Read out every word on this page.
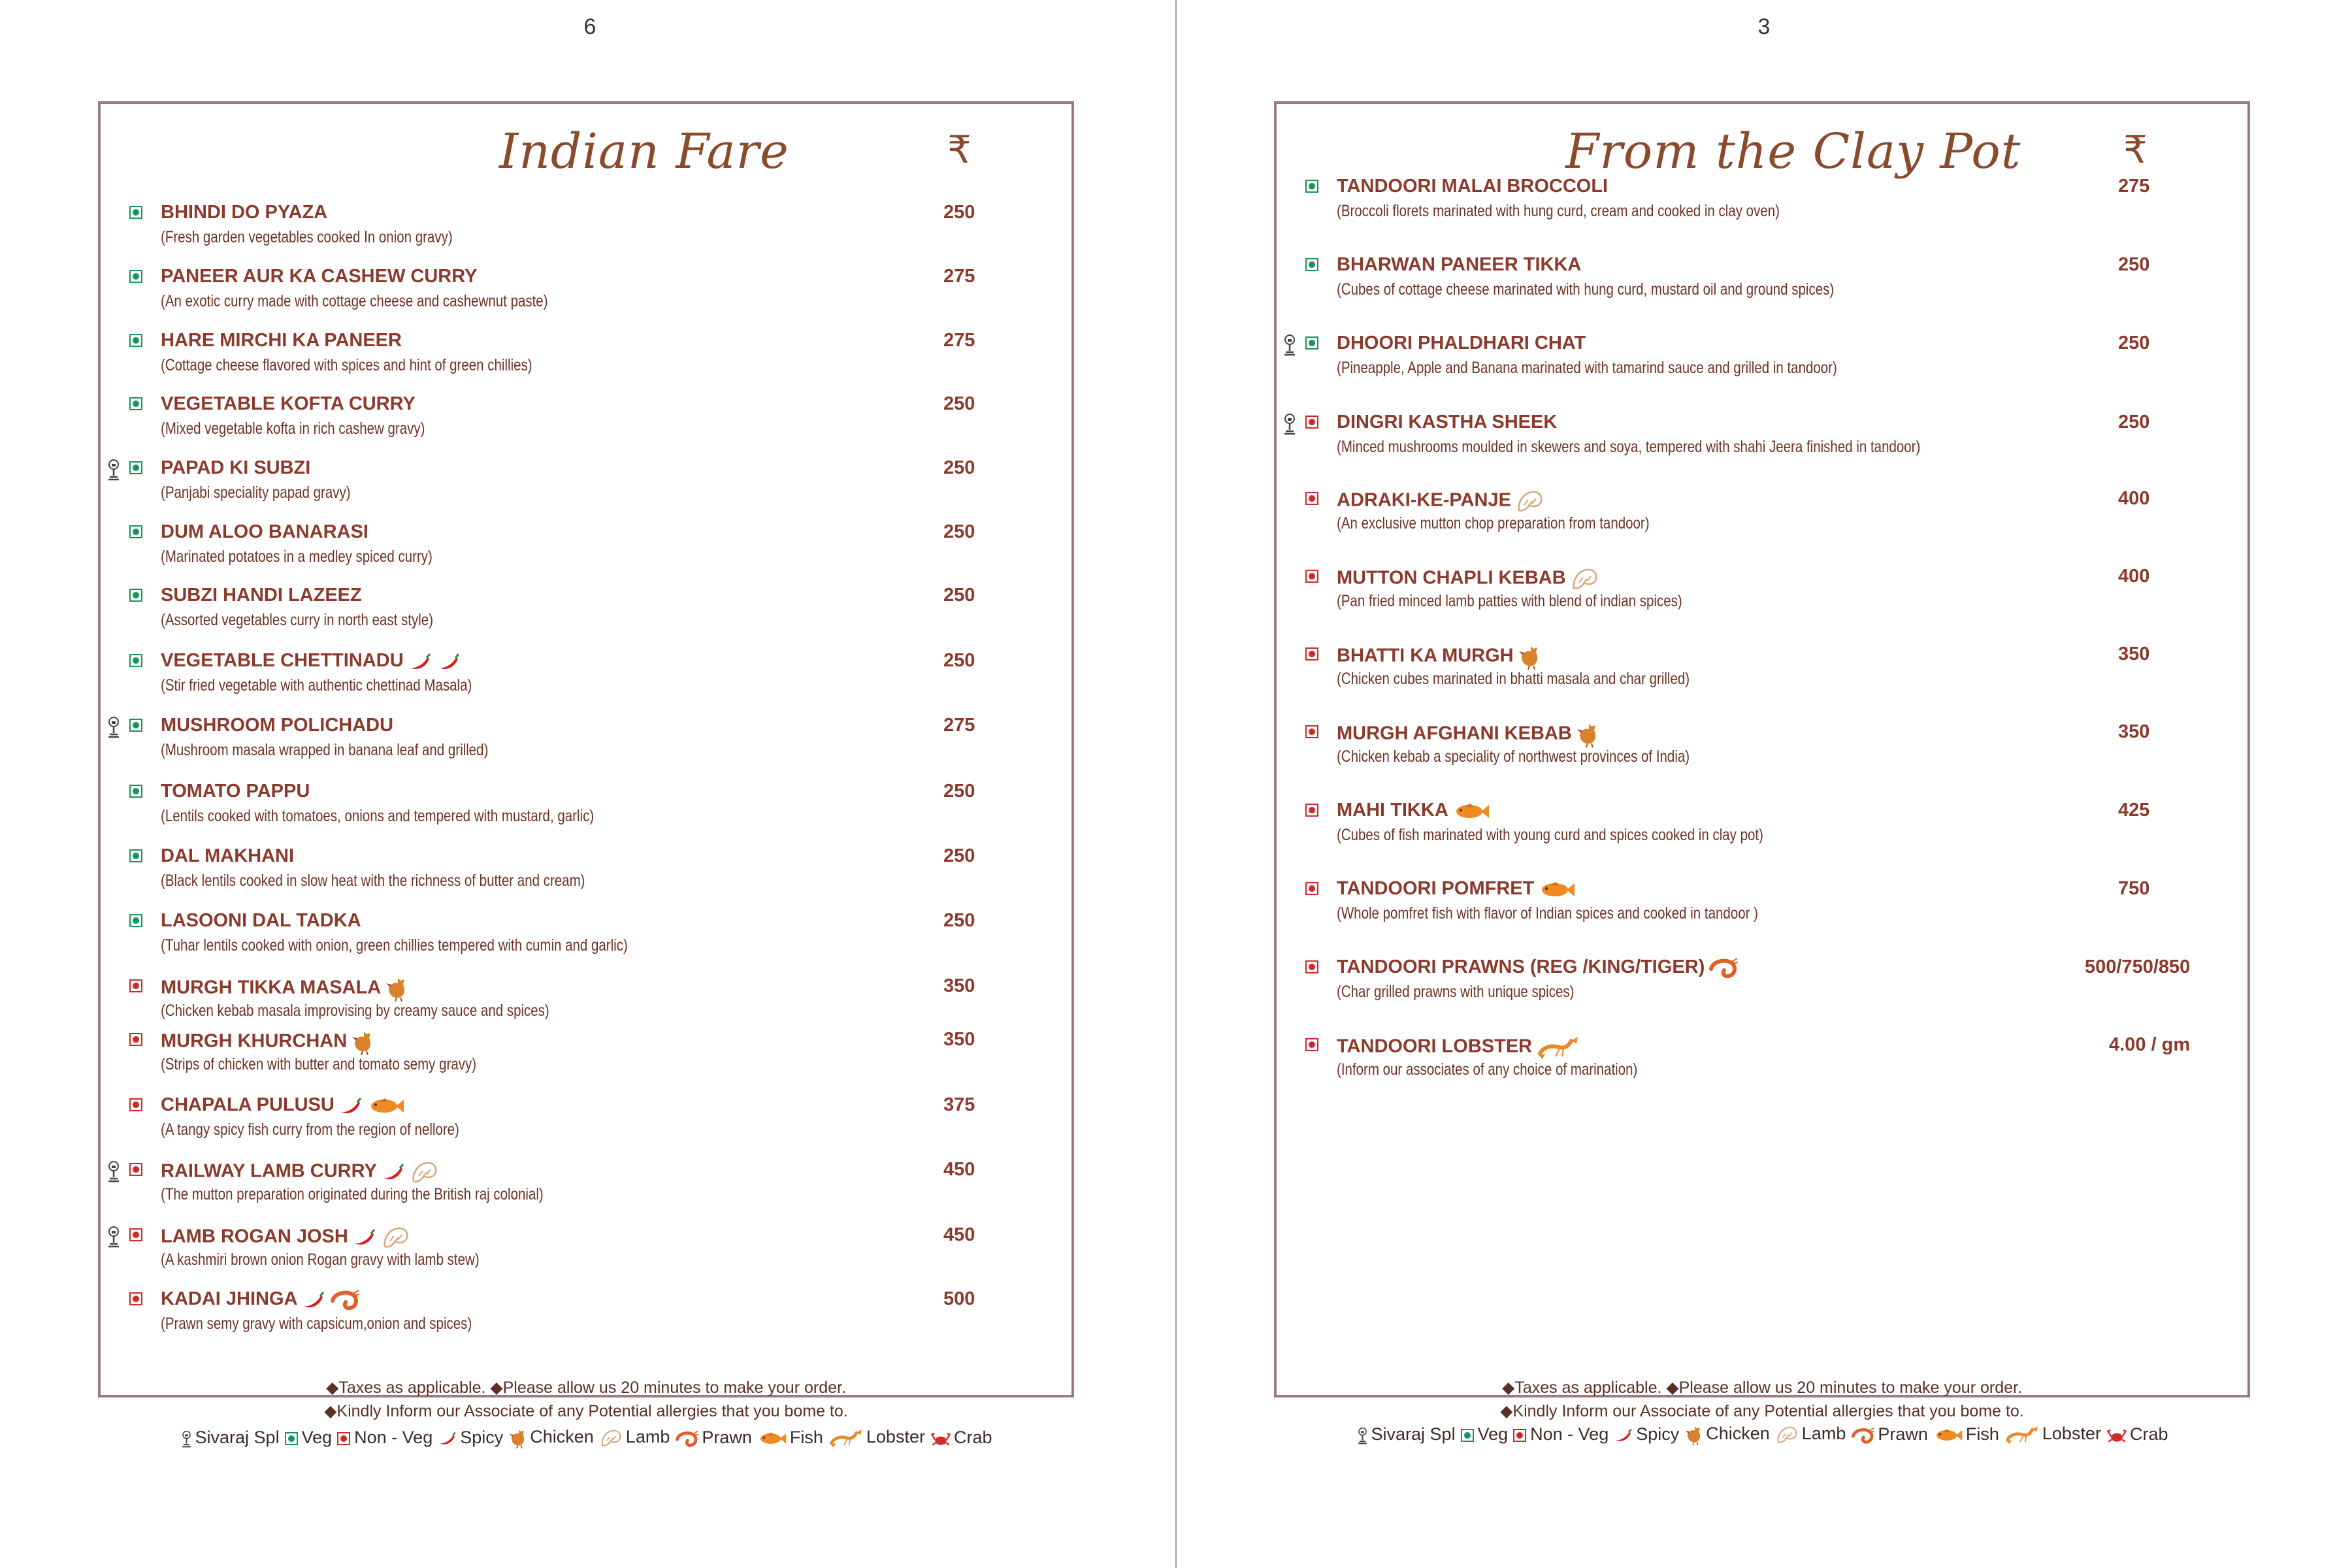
6
Indian Fare	₹
BHINDI DO PYAZA
(Fresh garden vegetables cooked In onion gravy)
250
PANEER AUR KA CASHEW CURRY
(An exotic curry made with cottage cheese and cashewnut paste)
275
HARE MIRCHI KA PANEER
(Cottage cheese flavored with spices and hint of green chillies)
275
VEGETABLE KOFTA CURRY
(Mixed vegetable kofta in rich cashew gravy)
250
PAPAD KI SUBZI
(Panjabi speciality papad gravy)
250
DUM ALOO BANARASI
(Marinated potatoes in a medley spiced curry)
250
SUBZI HANDI LAZEEZ
(Assorted vegetables curry in north east style)
250
VEGETABLE CHETTINADU
(Stir fried vegetable with authentic chettinad Masala)
250
MUSHROOM POLICHADU
(Mushroom masala wrapped in banana leaf and grilled)
275
TOMATO PAPPU
(Lentils cooked with tomatoes, onions and tempered with mustard, garlic)
250
DAL MAKHANI
(Black lentils cooked in slow heat with the richness of butter and cream)
250
LASOONI DAL TADKA
(Tuhar lentils cooked with onion, green chillies tempered with cumin and garlic)
250
MURGH TIKKA MASALA
(Chicken kebab masala improvising by creamy sauce and spices)
350
MURGH KHURCHAN
(Strips of chicken with butter and tomato semy gravy)
350
CHAPALA PULUSU
(A tangy spicy fish curry from the region of nellore)
375
RAILWAY LAMB CURRY
(The mutton preparation originated during the British raj colonial)
450
LAMB ROGAN JOSH
(A kashmiri brown onion Rogan gravy with lamb stew)
450
KADAI JHINGA
(Prawn semy gravy with capsicum,onion and spices)
500
◆Taxes as applicable. ◆Please allow us 20 minutes to make your order.
◆Kindly Inform our Associate of any Potential allergies that you bome to.
Sivaraj Spl Veg Non - Veg Spicy Chicken Lamb Prawn Fish Lobster Crab
3
From the Clay Pot	₹
TANDOORI MALAI BROCCOLI
(Broccoli florets marinated with hung curd, cream and cooked in clay oven)
275
BHARWAN PANEER TIKKA
(Cubes of cottage cheese marinated with hung curd, mustard oil and ground spices)
250
DHOORI PHALDHARI CHAT
(Pineapple, Apple and Banana marinated with tamarind sauce and grilled in tandoor)
250
DINGRI KASTHA SHEEK
(Minced mushrooms moulded in skewers and soya, tempered with shahi Jeera finished in tandoor)
250
ADRAKI-KE-PANJE
(An exclusive mutton chop preparation from tandoor)
400
MUTTON CHAPLI KEBAB
(Pan fried minced lamb patties with blend of indian spices)
400
BHATTI KA MURGH
(Chicken cubes marinated in bhatti masala and char grilled)
350
MURGH AFGHANI KEBAB
(Chicken kebab a speciality of northwest provinces of India)
350
MAHI TIKKA
(Cubes of fish marinated with young curd and spices cooked in clay pot)
425
TANDOORI POMFRET
(Whole pomfret fish with flavor of Indian spices and cooked in tandoor )
750
TANDOORI PRAWNS (REG /KING/TIGER)
(Char grilled prawns with unique spices)
500/750/850
TANDOORI LOBSTER
(Inform our associates of any choice of marination)
4.00 / gm
◆Taxes as applicable. ◆Please allow us 20 minutes to make your order.
◆Kindly Inform our Associate of any Potential allergies that you bome to.
Sivaraj Spl Veg Non - Veg Spicy Chicken Lamb Prawn Fish Lobster Crab
